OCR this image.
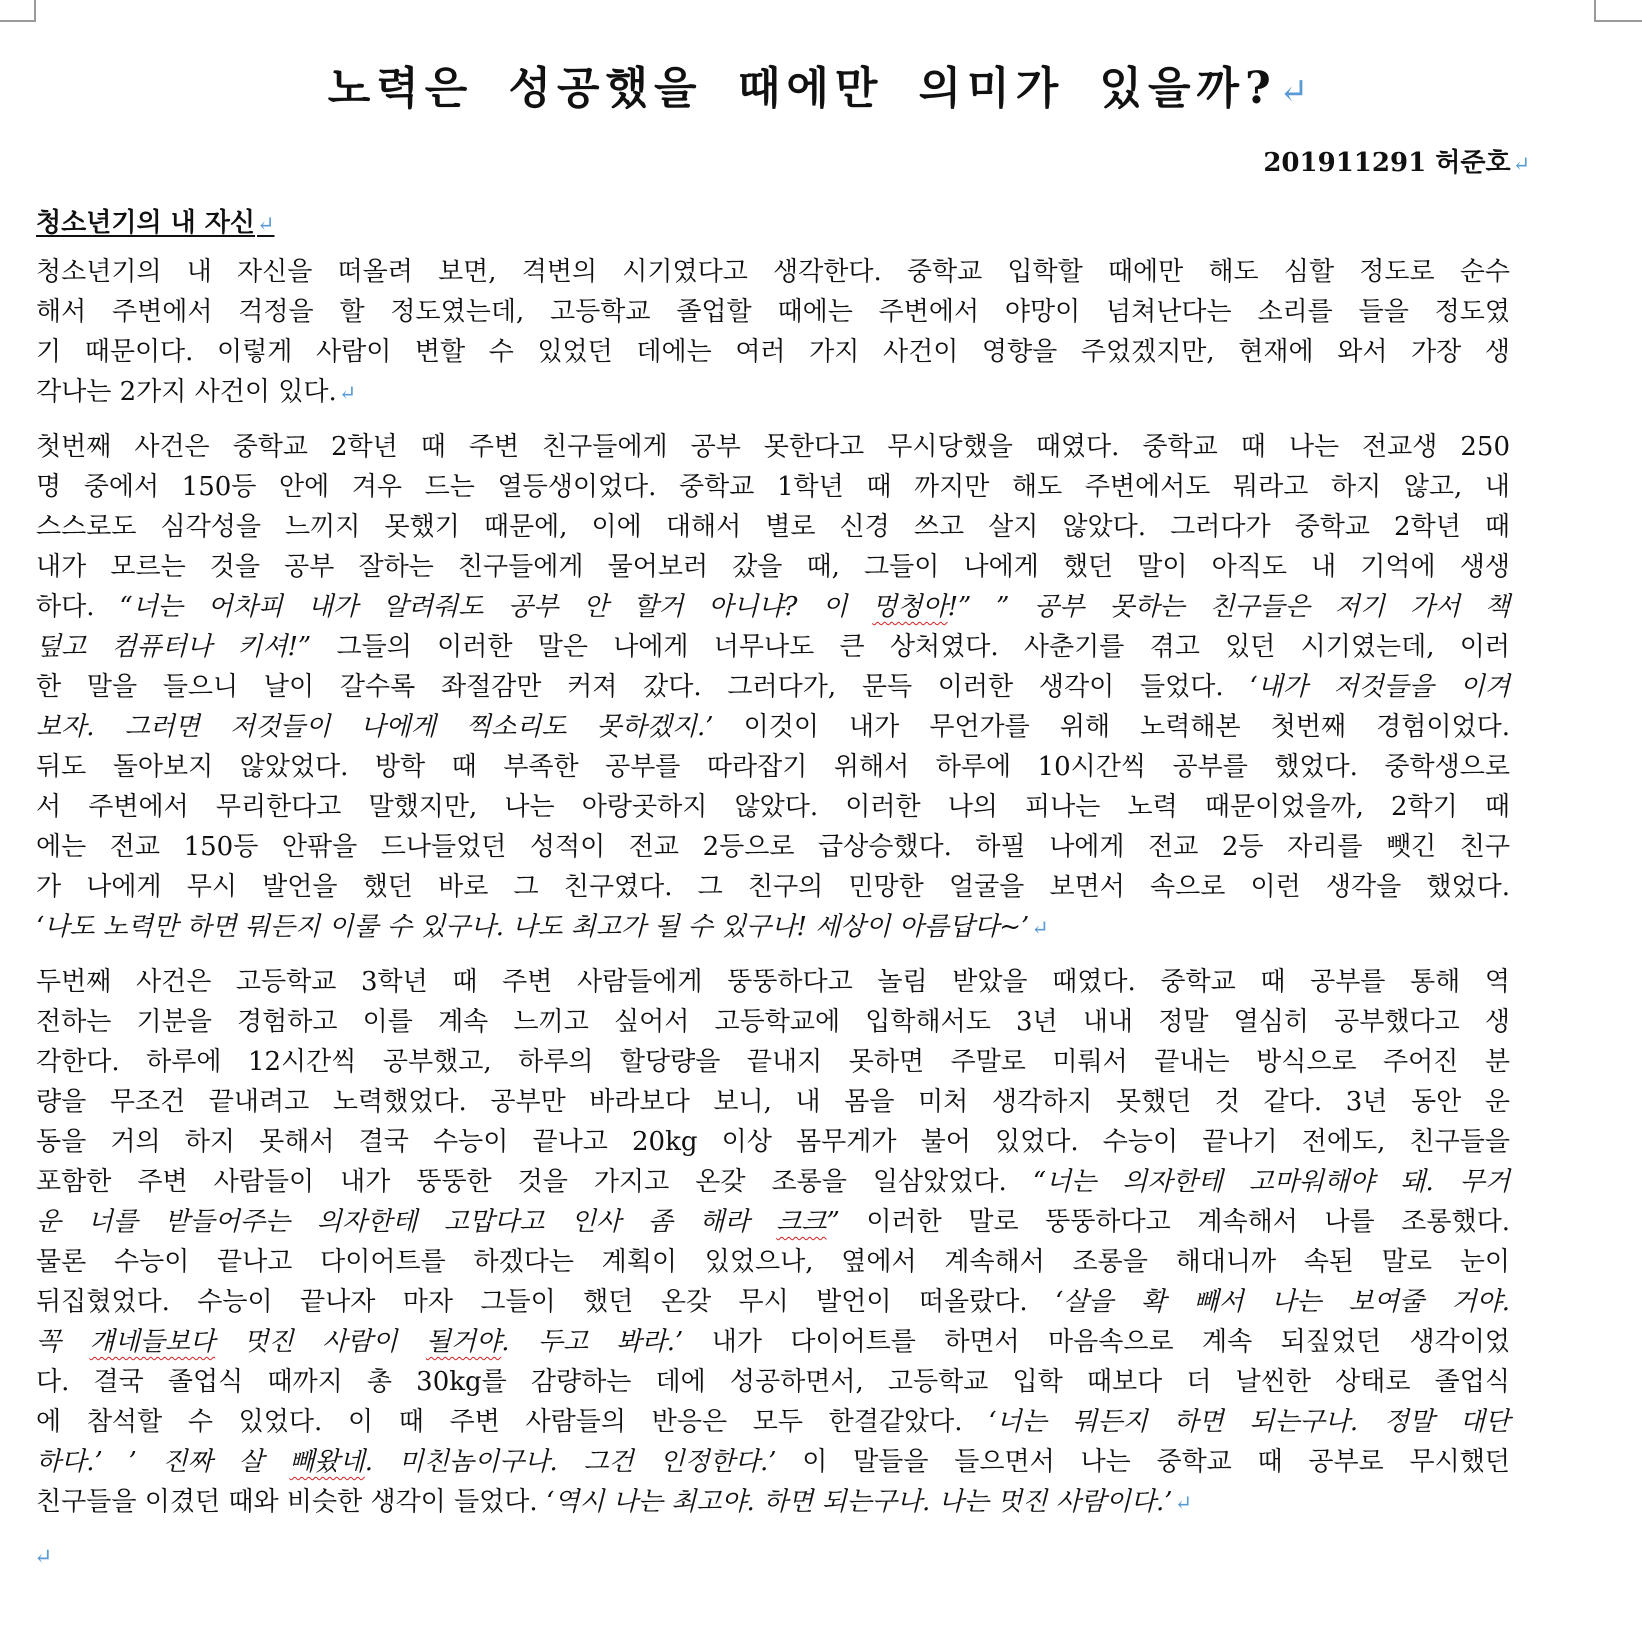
노력은 성공했을 때에만 의미가 있을까?↵
201911291 허준호↵
청소년기의 내 자신↵
청소년기의 내 자신을 떠올려 보면, 격변의 시기였다고 생각한다. 중학교 입학할 때에만 해도 심할 정도로 순수
해서 주변에서 걱정을 할 정도였는데, 고등학교 졸업할 때에는 주변에서 야망이 넘쳐난다는 소리를 들을 정도였
기 때문이다. 이렇게 사람이 변할 수 있었던 데에는 여러 가지 사건이 영향을 주었겠지만, 현재에 와서 가장 생
각나는 2가지 사건이 있다.↵
첫번째 사건은 중학교 2학년 때 주변 친구들에게 공부 못한다고 무시당했을 때였다. 중학교 때 나는 전교생 250
명 중에서 150등 안에 겨우 드는 열등생이었다. 중학교 1학년 때 까지만 해도 주변에서도 뭐라고 하지 않고, 내
스스로도 심각성을 느끼지 못했기 때문에, 이에 대해서 별로 신경 쓰고 살지 않았다. 그러다가 중학교 2학년 때
내가 모르는 것을 공부 잘하는 친구들에게 물어보러 갔을 때, 그들이 나에게 했던 말이 아직도 내 기억에 생생
하다. “너는 어차피 내가 알려줘도 공부 안 할거 아니냐? 이 멍청아!” ” 공부 못하는 친구들은 저기 가서 책
덮고 컴퓨터나 키셔!” 그들의 이러한 말은 나에게 너무나도 큰 상처였다. 사춘기를 겪고 있던 시기였는데, 이러
한 말을 들으니 날이 갈수록 좌절감만 커져 갔다. 그러다가, 문득 이러한 생각이 들었다. ‘내가 저것들을 이겨
보자. 그러면 저것들이 나에게 찍소리도 못하겠지.’ 이것이 내가 무언가를 위해 노력해본 첫번째 경험이었다.
뒤도 돌아보지 않았었다. 방학 때 부족한 공부를 따라잡기 위해서 하루에 10시간씩 공부를 했었다. 중학생으로
서 주변에서 무리한다고 말했지만, 나는 아랑곳하지 않았다. 이러한 나의 피나는 노력 때문이었을까, 2학기 때
에는 전교 150등 안팎을 드나들었던 성적이 전교 2등으로 급상승했다. 하필 나에게 전교 2등 자리를 뺏긴 친구
가 나에게 무시 발언을 했던 바로 그 친구였다. 그 친구의 민망한 얼굴을 보면서 속으로 이런 생각을 했었다.
‘나도 노력만 하면 뭐든지 이룰 수 있구나. 나도 최고가 될 수 있구나! 세상이 아름답다~’↵
두번째 사건은 고등학교 3학년 때 주변 사람들에게 뚱뚱하다고 놀림 받았을 때였다. 중학교 때 공부를 통해 역
전하는 기분을 경험하고 이를 계속 느끼고 싶어서 고등학교에 입학해서도 3년 내내 정말 열심히 공부했다고 생
각한다. 하루에 12시간씩 공부했고, 하루의 할당량을 끝내지 못하면 주말로 미뤄서 끝내는 방식으로 주어진 분
량을 무조건 끝내려고 노력했었다. 공부만 바라보다 보니, 내 몸을 미처 생각하지 못했던 것 같다. 3년 동안 운
동을 거의 하지 못해서 결국 수능이 끝나고 20kg 이상 몸무게가 불어 있었다. 수능이 끝나기 전에도, 친구들을
포함한 주변 사람들이 내가 뚱뚱한 것을 가지고 온갖 조롱을 일삼았었다. “너는 의자한테 고마워해야 돼. 무거
운 너를 받들어주는 의자한테 고맙다고 인사 좀 해라 크크” 이러한 말로 뚱뚱하다고 계속해서 나를 조롱했다.
물론 수능이 끝나고 다이어트를 하겠다는 계획이 있었으나, 옆에서 계속해서 조롱을 해대니까 속된 말로 눈이
뒤집혔었다. 수능이 끝나자 마자 그들이 했던 온갖 무시 발언이 떠올랐다. ‘살을 확 빼서 나는 보여줄 거야.
꼭 걔네들보다 멋진 사람이 될거야. 두고 봐라.’ 내가 다이어트를 하면서 마음속으로 계속 되짚었던 생각이었
다. 결국 졸업식 때까지 총 30kg를 감량하는 데에 성공하면서, 고등학교 입학 때보다 더 날씬한 상태로 졸업식
에 참석할 수 있었다. 이 때 주변 사람들의 반응은 모두 한결같았다. ‘너는 뭐든지 하면 되는구나. 정말 대단
하다.’ ’ 진짜 살 빼왔네. 미친놈이구나. 그건 인정한다.’ 이 말들을 들으면서 나는 중학교 때 공부로 무시했던
친구들을 이겼던 때와 비슷한 생각이 들었다. ‘역시 나는 최고야. 하면 되는구나. 나는 멋진 사람이다.’↵
↵
